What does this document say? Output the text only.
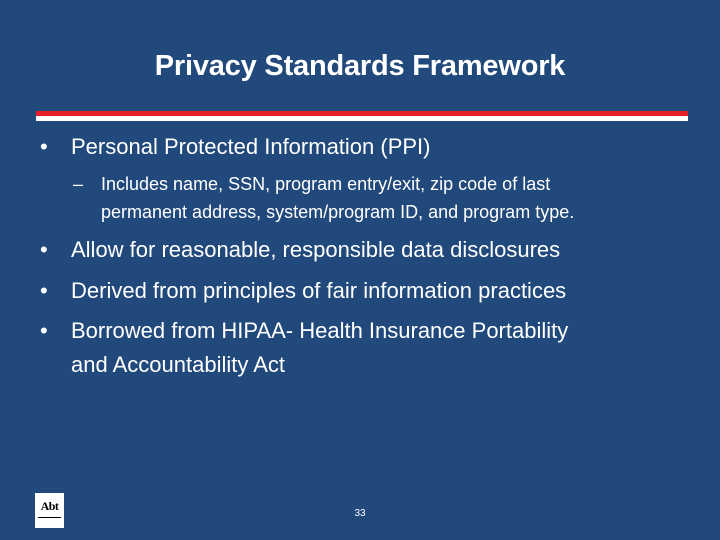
Privacy Standards Framework
• Personal Protected Information (PPI)
– Includes name, SSN, program entry/exit, zip code of last
permanent address, system/program ID, and program type.
• Allow for reasonable, responsible data disclosures
• Derived from principles of fair information practices
• Borrowed from HIPAA- Health Insurance Portability
and Accountability Act
Abt
33
